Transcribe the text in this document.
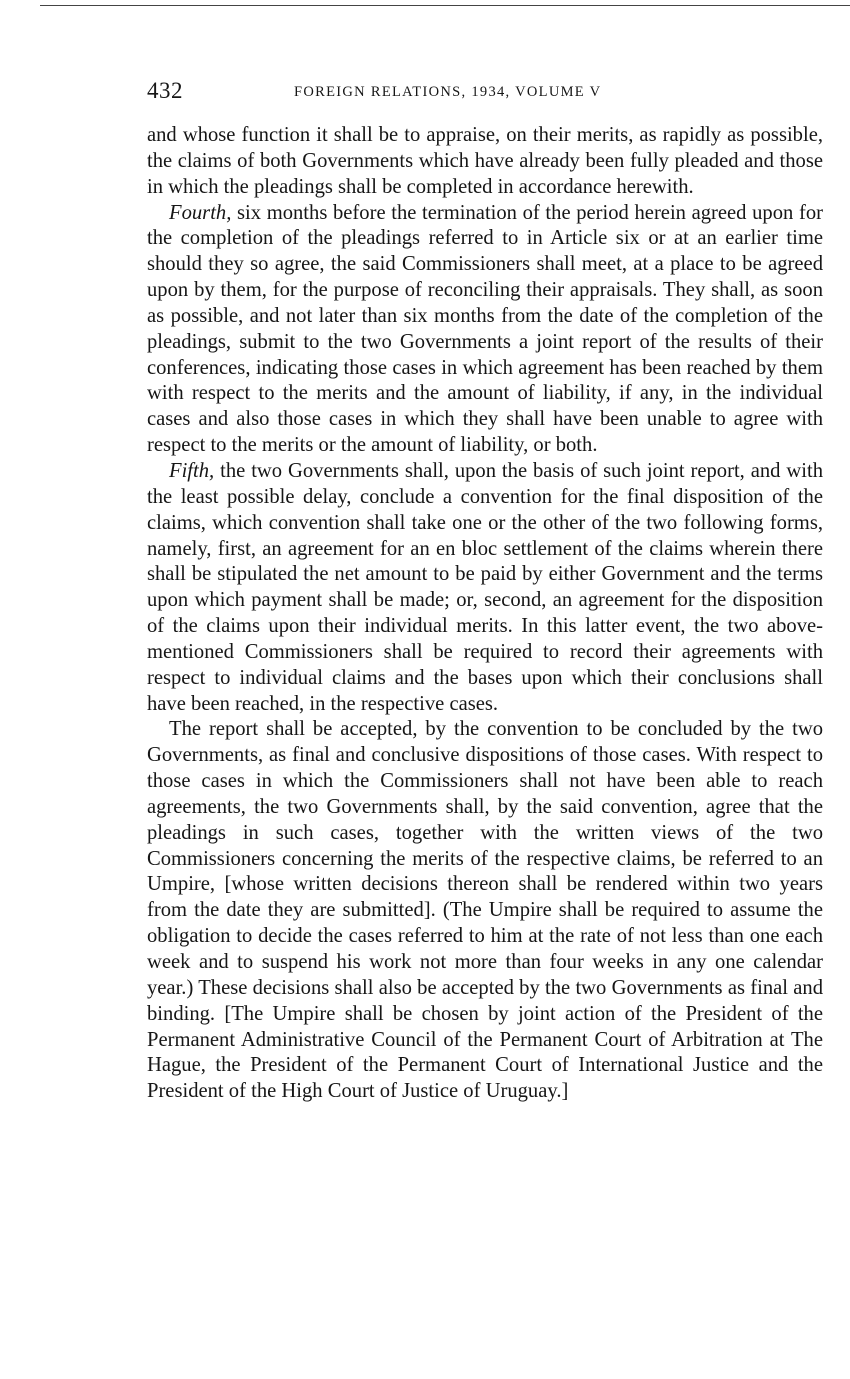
432	FOREIGN RELATIONS, 1934, VOLUME V

and whose function it shall be to appraise, on their merits, as rapidly as possible, the claims of both Governments which have already been fully pleaded and those in which the pleadings shall be completed in accordance herewith.

Fourth, six months before the termination of the period herein agreed upon for the completion of the pleadings referred to in Article six or at an earlier time should they so agree, the said Commissioners shall meet, at a place to be agreed upon by them, for the purpose of reconciling their appraisals. They shall, as soon as possible, and not later than six months from the date of the completion of the pleadings, submit to the two Governments a joint report of the results of their conferences, indicating those cases in which agreement has been reached by them with respect to the merits and the amount of liability, if any, in the individual cases and also those cases in which they shall have been unable to agree with respect to the merits or the amount of liability, or both.

Fifth, the two Governments shall, upon the basis of such joint report, and with the least possible delay, conclude a convention for the final disposition of the claims, which convention shall take one or the other of the two following forms, namely, first, an agreement for an en bloc settlement of the claims wherein there shall be stipulated the net amount to be paid by either Government and the terms upon which payment shall be made; or, second, an agreement for the disposition of the claims upon their individual merits. In this latter event, the two above-mentioned Commissioners shall be required to record their agreements with respect to individual claims and the bases upon which their conclusions shall have been reached, in the respective cases.

The report shall be accepted, by the convention to be concluded by the two Governments, as final and conclusive dispositions of those cases. With respect to those cases in which the Commissioners shall not have been able to reach agreements, the two Governments shall, by the said convention, agree that the pleadings in such cases, together with the written views of the two Commissioners concerning the merits of the respective claims, be referred to an Umpire, [whose written decisions thereon shall be rendered within two years from the date they are submitted]. (The Umpire shall be required to assume the obligation to decide the cases referred to him at the rate of not less than one each week and to suspend his work not more than four weeks in any one calendar year.) These decisions shall also be accepted by the two Governments as final and binding. [The Umpire shall be chosen by joint action of the President of the Permanent Administrative Council of the Permanent Court of Arbitration at The Hague, the President of the Permanent Court of International Justice and the President of the High Court of Justice of Uruguay.]
